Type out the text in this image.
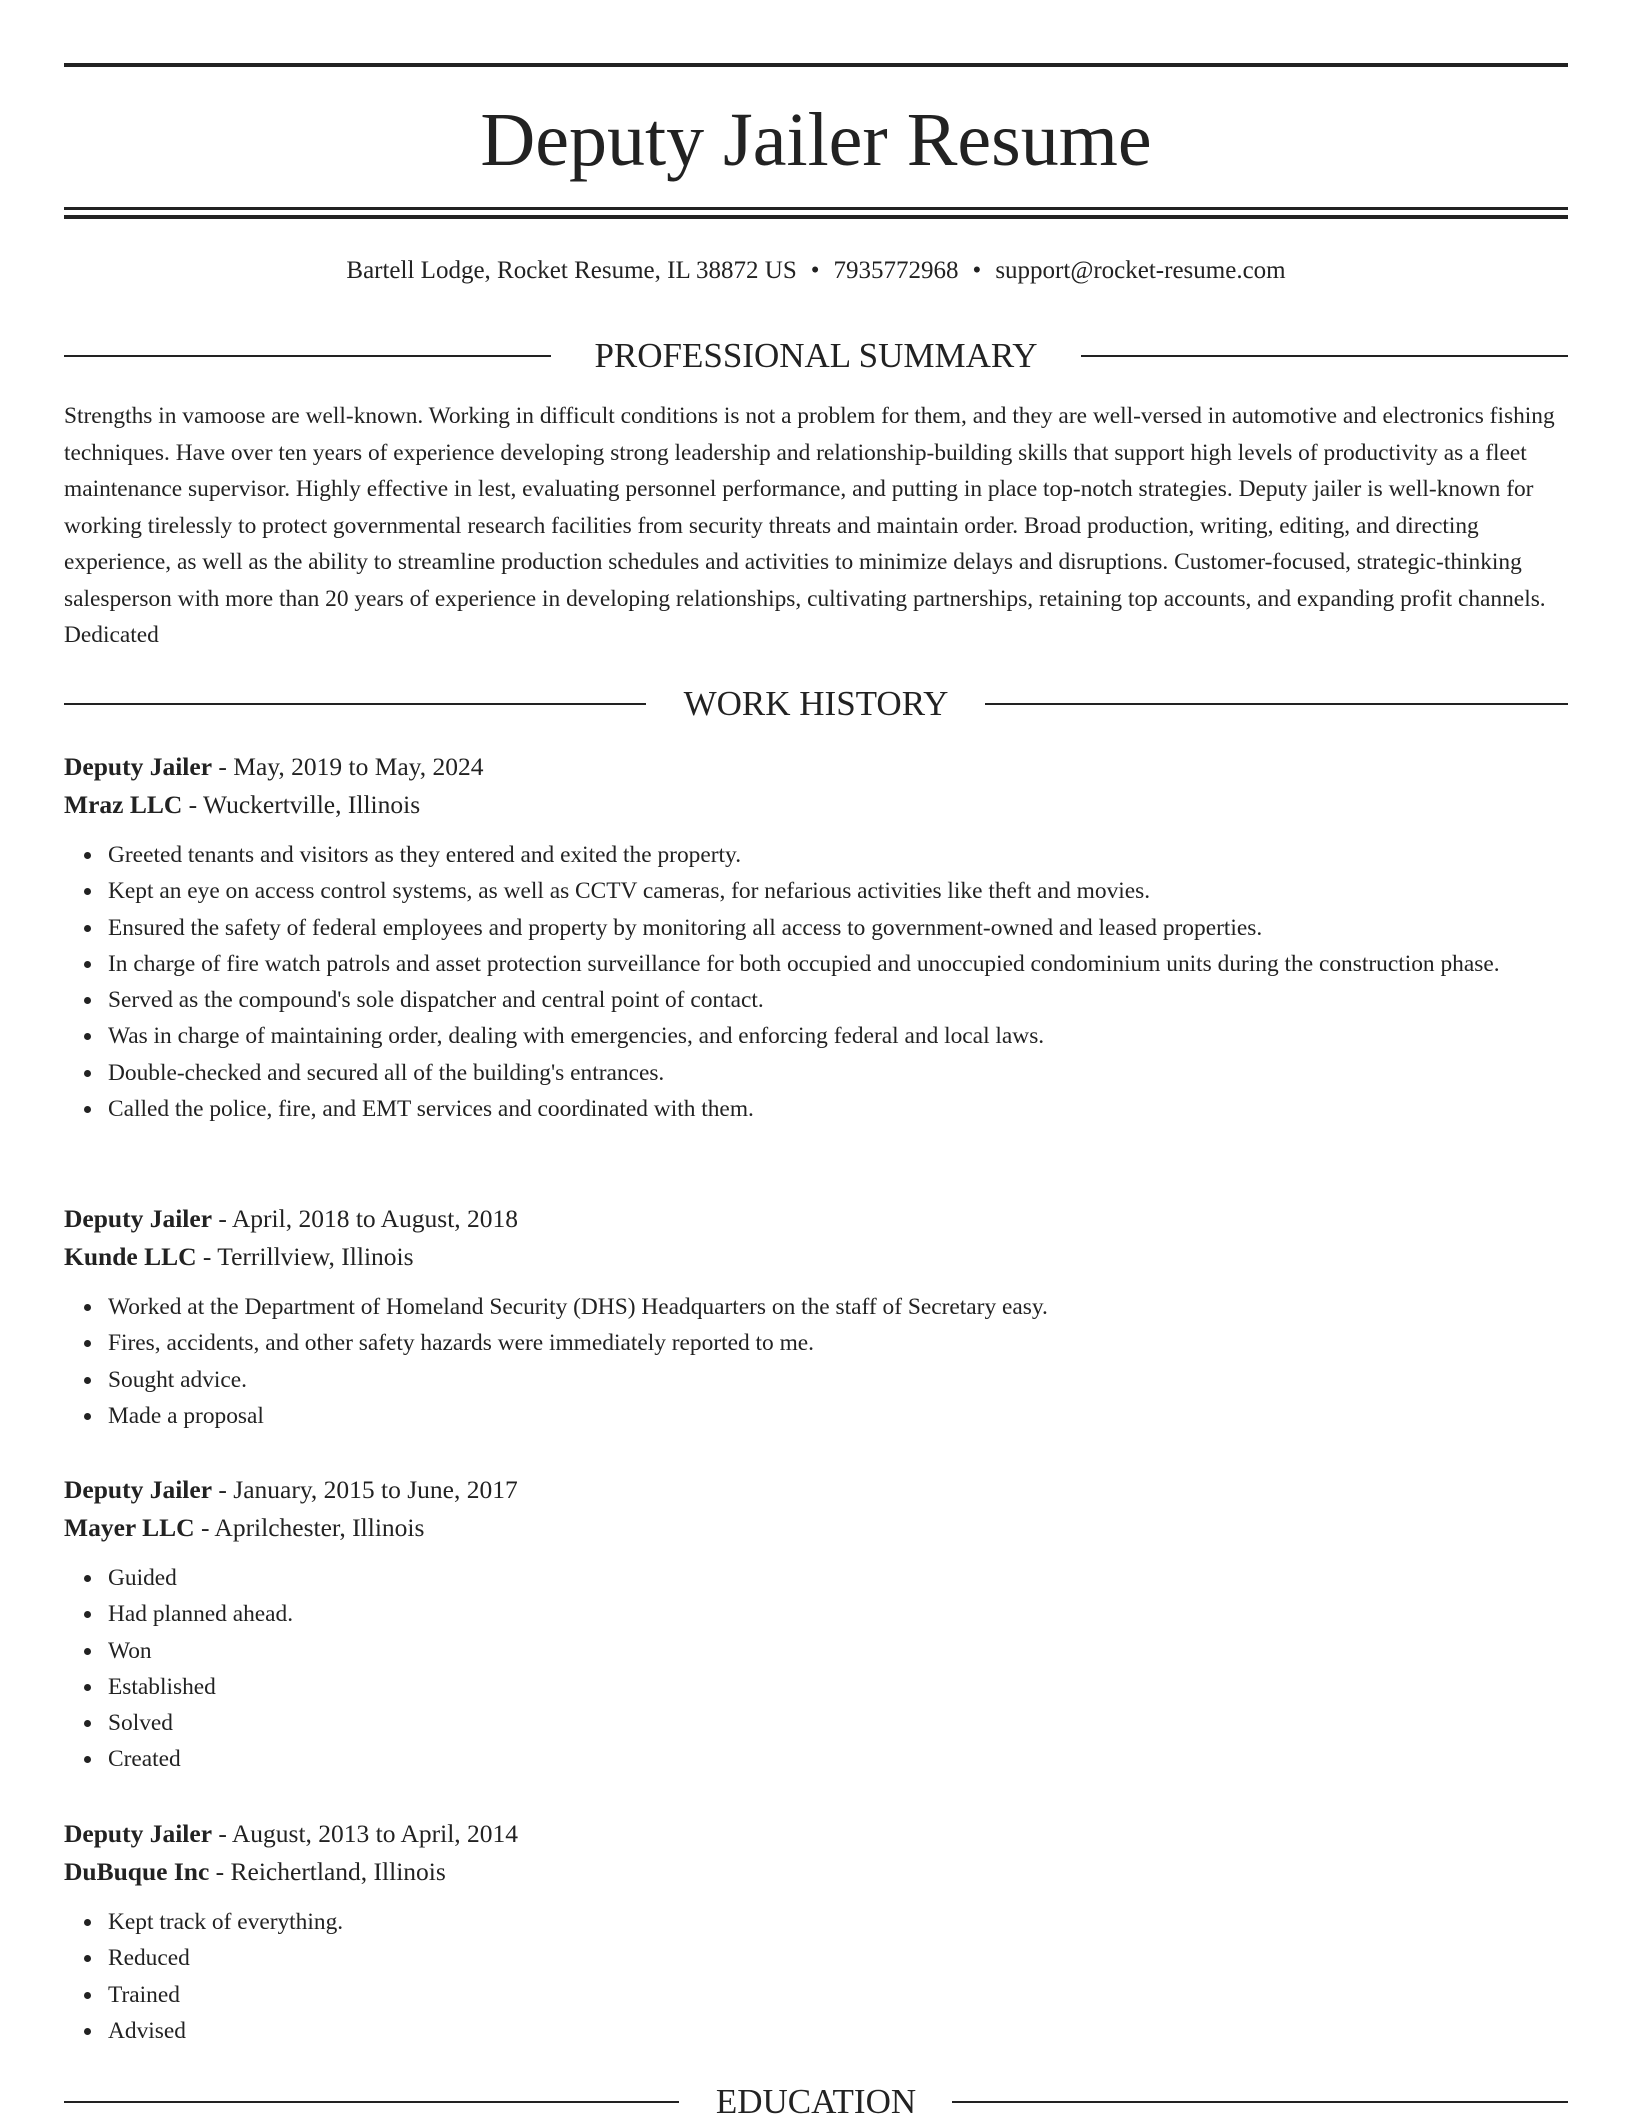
Deputy Jailer Resume
Bartell Lodge, Rocket Resume, IL 38872 US • 7935772968 • support@rocket-resume.com
PROFESSIONAL SUMMARY

Strengths in vamoose are well-known. Working in difficult conditions is not a problem for them, and they are well-versed in automotive and electronics fishing techniques. Have over ten years of experience developing strong leadership and relationship-building skills that support high levels of productivity as a fleet maintenance supervisor. Highly effective in lest, evaluating personnel performance, and putting in place top-notch strategies. Deputy jailer is well-known for working tirelessly to protect governmental research facilities from security threats and maintain order. Broad production, writing, editing, and directing experience, as well as the ability to streamline production schedules and activities to minimize delays and disruptions. Customer-focused, strategic-thinking salesperson with more than 20 years of experience in developing relationships, cultivating partnerships, retaining top accounts, and expanding profit channels. Dedicated

WORK HISTORY

Deputy Jailer - May, 2019 to May, 2024

Mraz LLC - Wuckertville, Illinois

Greeted tenants and visitors as they entered and exited the property.
Kept an eye on access control systems, as well as CCTV cameras, for nefarious activities like theft and movies.
Ensured the safety of federal employees and property by monitoring all access to government-owned and leased properties.
In charge of fire watch patrols and asset protection surveillance for both occupied and unoccupied condominium units during the construction phase.
Served as the compound's sole dispatcher and central point of contact.
Was in charge of maintaining order, dealing with emergencies, and enforcing federal and local laws.
Double-checked and secured all of the building's entrances.
Called the police, fire, and EMT services and coordinated with them.

Deputy Jailer - April, 2018 to August, 2018

Kunde LLC - Terrillview, Illinois

Worked at the Department of Homeland Security (DHS) Headquarters on the staff of Secretary easy.
Fires, accidents, and other safety hazards were immediately reported to me.
Sought advice.
Made a proposal

Deputy Jailer - January, 2015 to June, 2017

Mayer LLC - Aprilchester, Illinois

Guided
Had planned ahead.
Won
Established
Solved
Created

Deputy Jailer - August, 2013 to April, 2014

DuBuque Inc - Reichertland, Illinois

Kept track of everything.
Reduced
Trained
Advised
EDUCATION
